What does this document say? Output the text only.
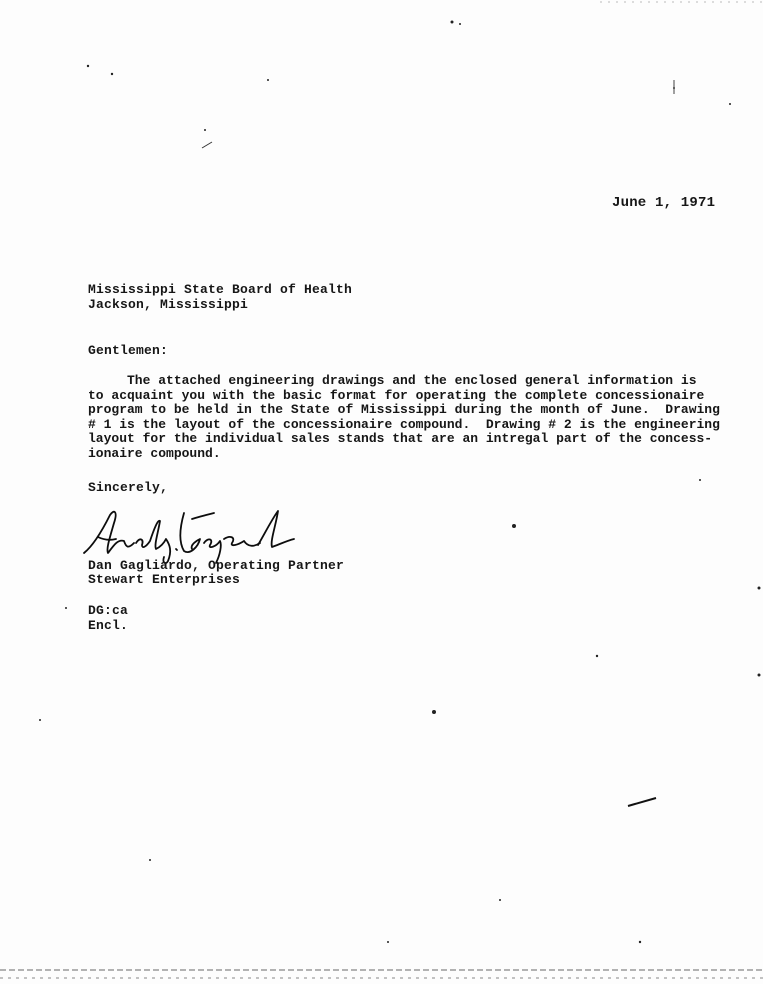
June 1, 1971
Mississippi State Board of Health
Jackson, Mississippi
Gentlemen:
The attached engineering drawings and the enclosed general information is
to acquaint you with the basic format for operating the complete concessionaire
program to be held in the State of Mississippi during the month of June.  Drawing
# 1 is the layout of the concessionaire compound.  Drawing # 2 is the engineering
layout for the individual sales stands that are an intregal part of the concess-
ionaire compound.
Sincerely,
Dan Gagliardo, Operating Partner
Stewart Enterprises
DG:ca
Encl.
